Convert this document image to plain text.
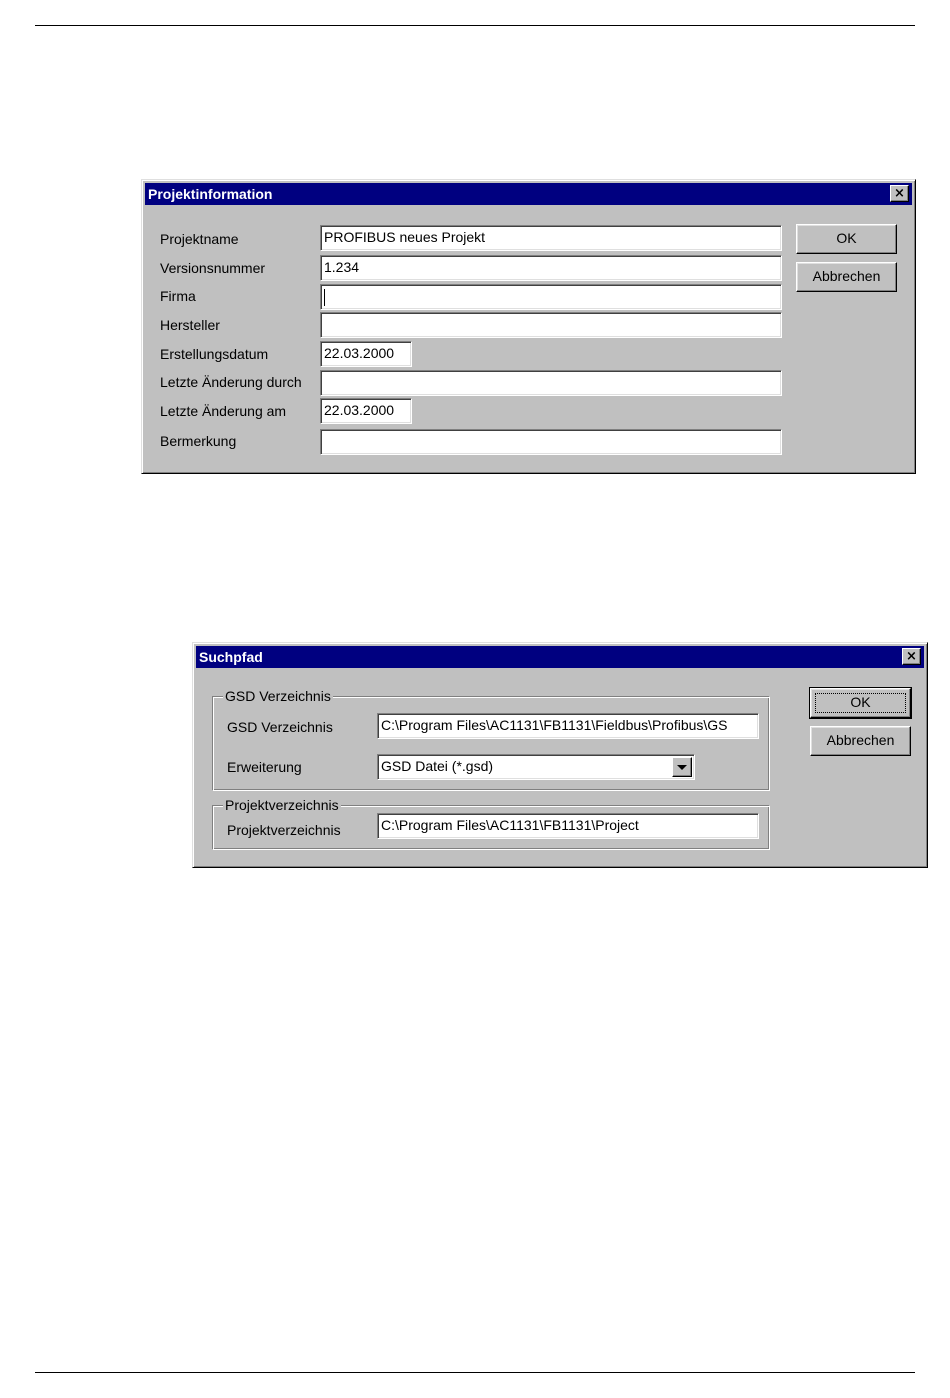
Projektinformation	×
Projektname	PROFIBUS neues Projekt
Versionsnummer	1.234
Firma
Hersteller
Erstellungsdatum	22.03.2000
Letzte Änderung durch
Letzte Änderung am	22.03.2000
Bermerkung
OK
Abbrechen
Suchpfad	×
GSD Verzeichnis
GSD Verzeichnis	C:\Program Files\AC1131\FB1131\Fieldbus\Profibus\GS
Erweiterung	GSD Datei (*.gsd)
Projektverzeichnis
Projektverzeichnis	C:\Program Files\AC1131\FB1131\Project
OK
Abbrechen
